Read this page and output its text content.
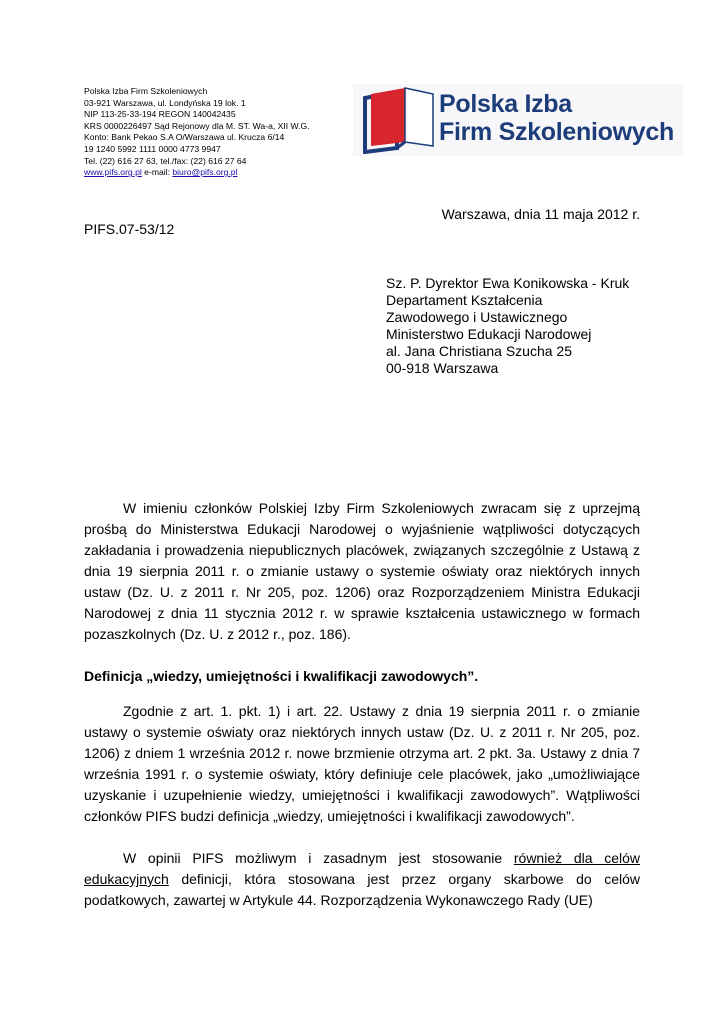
Polska Izba Firm Szkoleniowych
03-921 Warszawa, ul. Londyńska 19 lok. 1
NIP 113-25-33-194 REGON 140042435
KRS 0000226497 Sąd Rejonowy dla M. ST. Wa-a, XII W.G.
Konto: Bank Pekao S.A O/Warszawa ul. Krucza 6/14
19 1240 5992 1111 0000 4773 9947
Tel. (22) 616 27 63, tel./fax: (22) 616 27 64
www.pifs.org.pl e-mail: biuro@pifs.org.pl
Polska Izba
Firm Szkoleniowych
Warszawa, dnia 11 maja 2012 r.
PIFS.07-53/12
Sz. P. Dyrektor Ewa Konikowska - Kruk
Departament Kształcenia
Zawodowego i Ustawicznego
Ministerstwo Edukacji Narodowej
al. Jana Christiana Szucha 25
00-918 Warszawa

W imieniu członków Polskiej Izby Firm Szkoleniowych zwracam się z uprzejmą prośbą do Ministerstwa Edukacji Narodowej o wyjaśnienie wątpliwości dotyczących zakładania i prowadzenia niepublicznych placówek, związanych szczególnie z Ustawą z dnia 19 sierpnia 2011 r. o zmianie ustawy o systemie oświaty oraz niektórych innych ustaw (Dz. U. z 2011 r. Nr 205, poz. 1206) oraz Rozporządzeniem Ministra Edukacji Narodowej z dnia 11 stycznia 2012 r. w sprawie kształcenia ustawicznego w formach pozaszkolnych (Dz. U. z 2012 r., poz. 186).

Definicja „wiedzy, umiejętności i kwalifikacji zawodowych”.

Zgodnie z art. 1. pkt. 1) i art. 22. Ustawy z dnia 19 sierpnia 2011 r. o zmianie ustawy o systemie oświaty oraz niektórych innych ustaw (Dz. U. z 2011 r. Nr 205, poz. 1206) z dniem 1 września 2012 r. nowe brzmienie otrzyma art. 2 pkt. 3a. Ustawy z dnia 7 września 1991 r. o systemie oświaty, który definiuje cele placówek, jako „umożliwiające uzyskanie i uzupełnienie wiedzy, umiejętności i kwalifikacji zawodowych”. Wątpliwości członków PIFS budzi definicja „wiedzy, umiejętności i kwalifikacji zawodowych”.

W opinii PIFS możliwym i zasadnym jest stosowanie również dla celów edukacyjnych definicji, która stosowana jest przez organy skarbowe do celów podatkowych, zawartej w Artykule 44. Rozporządzenia Wykonawczego Rady (UE)
